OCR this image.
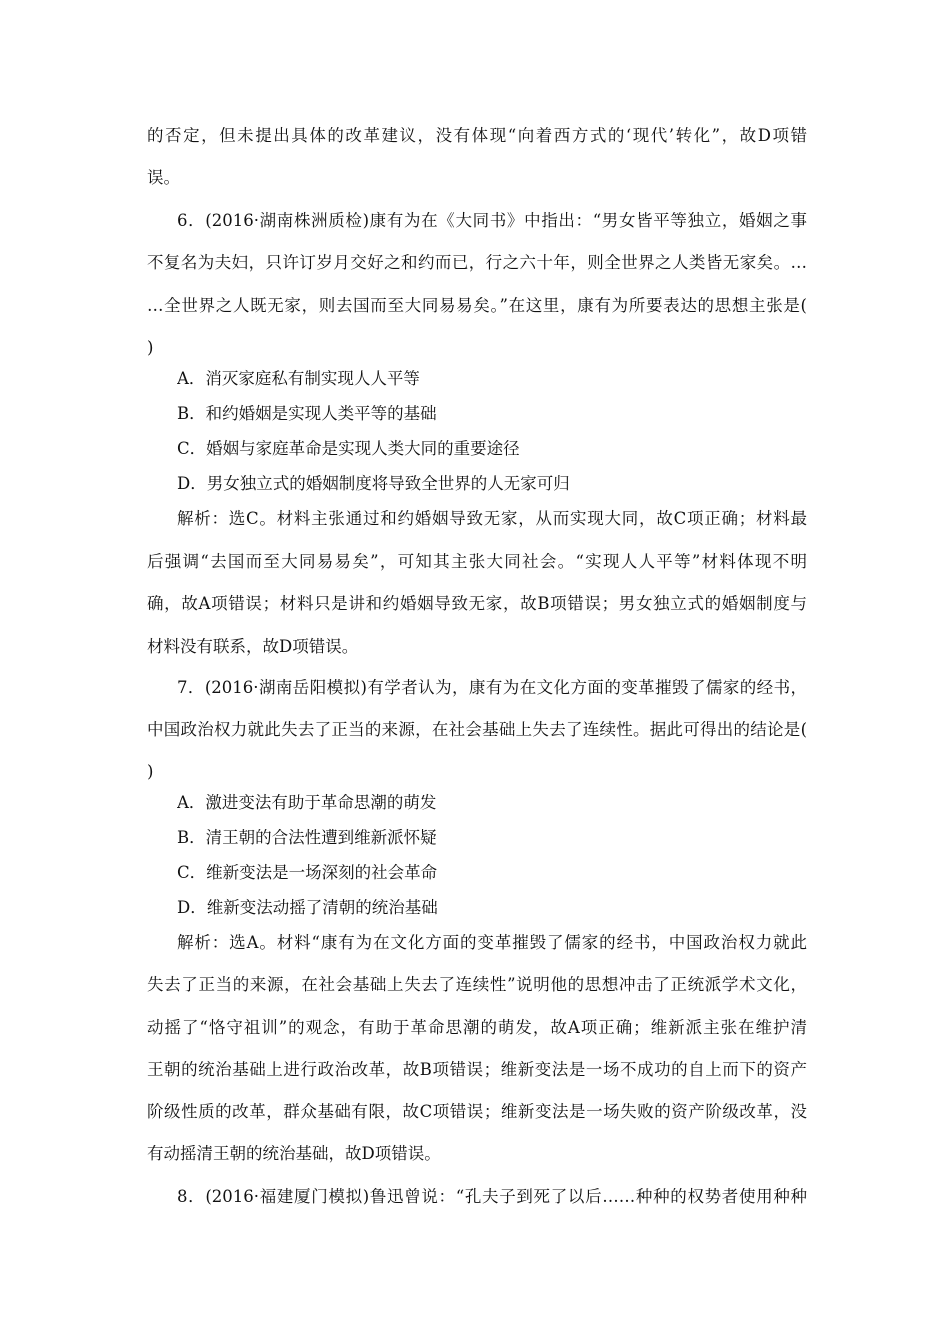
的否定，但未提出具体的改革建议，没有体现“向着西方式的‘现代’转化”，故D项错
误。
6．(2016·湖南株洲质检)康有为在《大同书》中指出：“男女皆平等独立，婚姻之事
不复名为夫妇，只许订岁月交好之和约而已，行之六十年，则全世界之人类皆无家矣。…
…全世界之人既无家，则去国而至大同易易矣。”在这里，康有为所要表达的思想主张是(
)
A．消灭家庭私有制实现人人平等
B．和约婚姻是实现人类平等的基础
C．婚姻与家庭革命是实现人类大同的重要途径
D．男女独立式的婚姻制度将导致全世界的人无家可归
解析：选C。材料主张通过和约婚姻导致无家，从而实现大同，故C项正确；材料最
后强调“去国而至大同易易矣”，可知其主张大同社会。“实现人人平等”材料体现不明
确，故A项错误；材料只是讲和约婚姻导致无家，故B项错误；男女独立式的婚姻制度与
材料没有联系，故D项错误。
7．(2016·湖南岳阳模拟)有学者认为，康有为在文化方面的变革摧毁了儒家的经书，
中国政治权力就此失去了正当的来源，在社会基础上失去了连续性。据此可得出的结论是(
)
A．激进变法有助于革命思潮的萌发
B．清王朝的合法性遭到维新派怀疑
C．维新变法是一场深刻的社会革命
D．维新变法动摇了清朝的统治基础
解析：选A。材料“康有为在文化方面的变革摧毁了儒家的经书，中国政治权力就此
失去了正当的来源，在社会基础上失去了连续性”说明他的思想冲击了正统派学术文化，
动摇了“恪守祖训”的观念，有助于革命思潮的萌发，故A项正确；维新派主张在维护清
王朝的统治基础上进行政治改革，故B项错误；维新变法是一场不成功的自上而下的资产
阶级性质的改革，群众基础有限，故C项错误；维新变法是一场失败的资产阶级改革，没
有动摇清王朝的统治基础，故D项错误。
8．(2016·福建厦门模拟)鲁迅曾说：“孔夫子到死了以后……种种的权势者使用种种
